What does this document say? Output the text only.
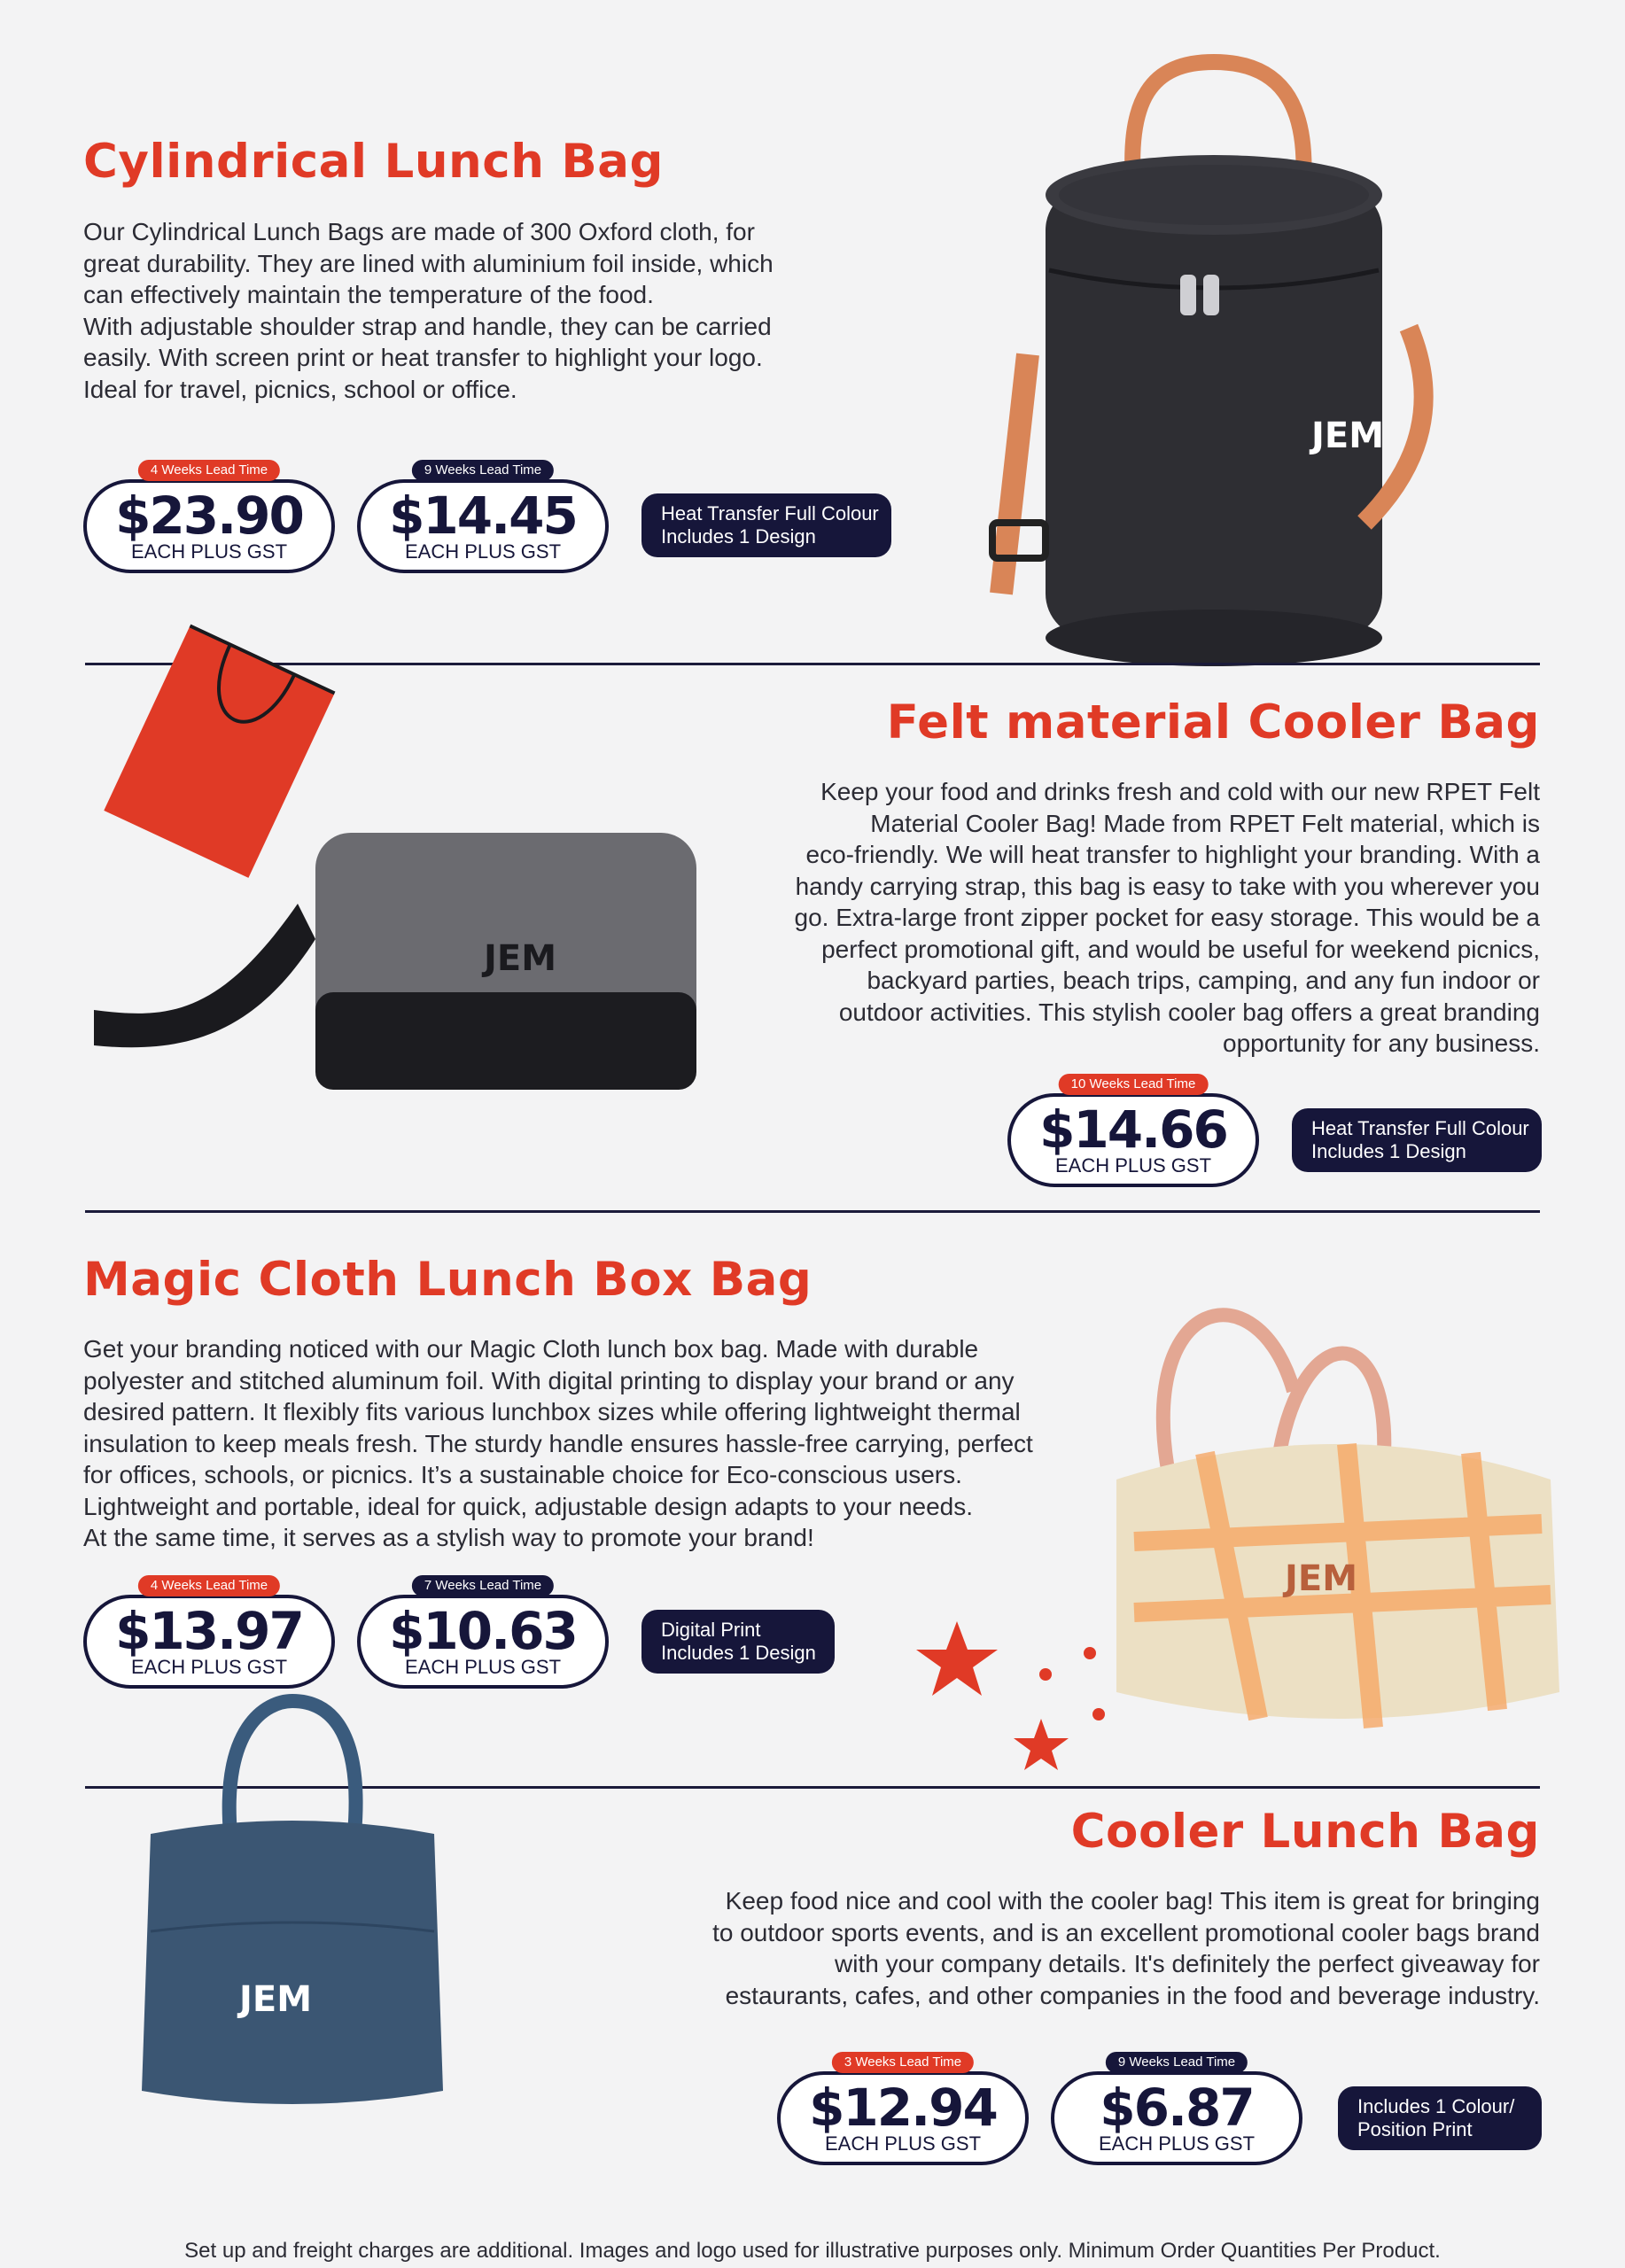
Cylindrical Lunch Bag

Our Cylindrical Lunch Bags are made of 300 Oxford cloth, for

great durability. They are lined with aluminium foil inside, which

can effectively maintain the temperature of the food.

With adjustable shoulder strap and handle, they can be carried

easily. With screen print or heat transfer to highlight your logo.

Ideal for travel, picnics, school or office.

4 Weeks Lead Time
$23.90
EACH PLUS GST
9 Weeks Lead Time
$14.45
EACH PLUS GST
Heat Transfer Full Colour
Includes 1 Design
JEM
JEM
Felt material Cooler Bag

Keep your food and drinks fresh and cold with our new RPET Felt

Material Cooler Bag! Made from RPET Felt material, which is

eco-friendly. We will heat transfer to highlight your branding. With a

handy carrying strap, this bag is easy to take with you wherever you

go. Extra-large front zipper pocket for easy storage. This would be a

perfect promotional gift, and would be useful for weekend picnics,

backyard parties, beach trips, camping, and any fun indoor or

outdoor activities. This stylish cooler bag offers a great branding

opportunity for any business.

10 Weeks Lead Time
$14.66
EACH PLUS GST
Heat Transfer Full Colour
Includes 1 Design
Magic Cloth Lunch Box Bag

Get your branding noticed with our Magic Cloth lunch box bag. Made with durable

polyester and stitched aluminum foil. With digital printing to display your brand or any

desired pattern. It flexibly fits various lunchbox sizes while offering lightweight thermal

insulation to keep meals fresh. The sturdy handle ensures hassle-free carrying, perfect

for offices, schools, or picnics. It’s a sustainable choice for Eco-conscious users.

Lightweight and portable, ideal for quick, adjustable design adapts to your needs.

At the same time, it serves as a stylish way to promote your brand!

4 Weeks Lead Time
$13.97
EACH PLUS GST
7 Weeks Lead Time
$10.63
EACH PLUS GST
Digital Print
Includes 1 Design
JEM
JEM
Cooler Lunch Bag

Keep food nice and cool with the cooler bag! This item is great for bringing

to outdoor sports events, and is an excellent promotional cooler bags brand

with your company details. It's definitely the perfect giveaway for

estaurants, cafes, and other companies in the food and beverage industry.

3 Weeks Lead Time
$12.94
EACH PLUS GST
9 Weeks Lead Time
$6.87
EACH PLUS GST
Includes 1 Colour/
Position Print
Set up and freight charges are additional. Images and logo used for illustrative purposes only. Minimum Order Quantities Per Product.
